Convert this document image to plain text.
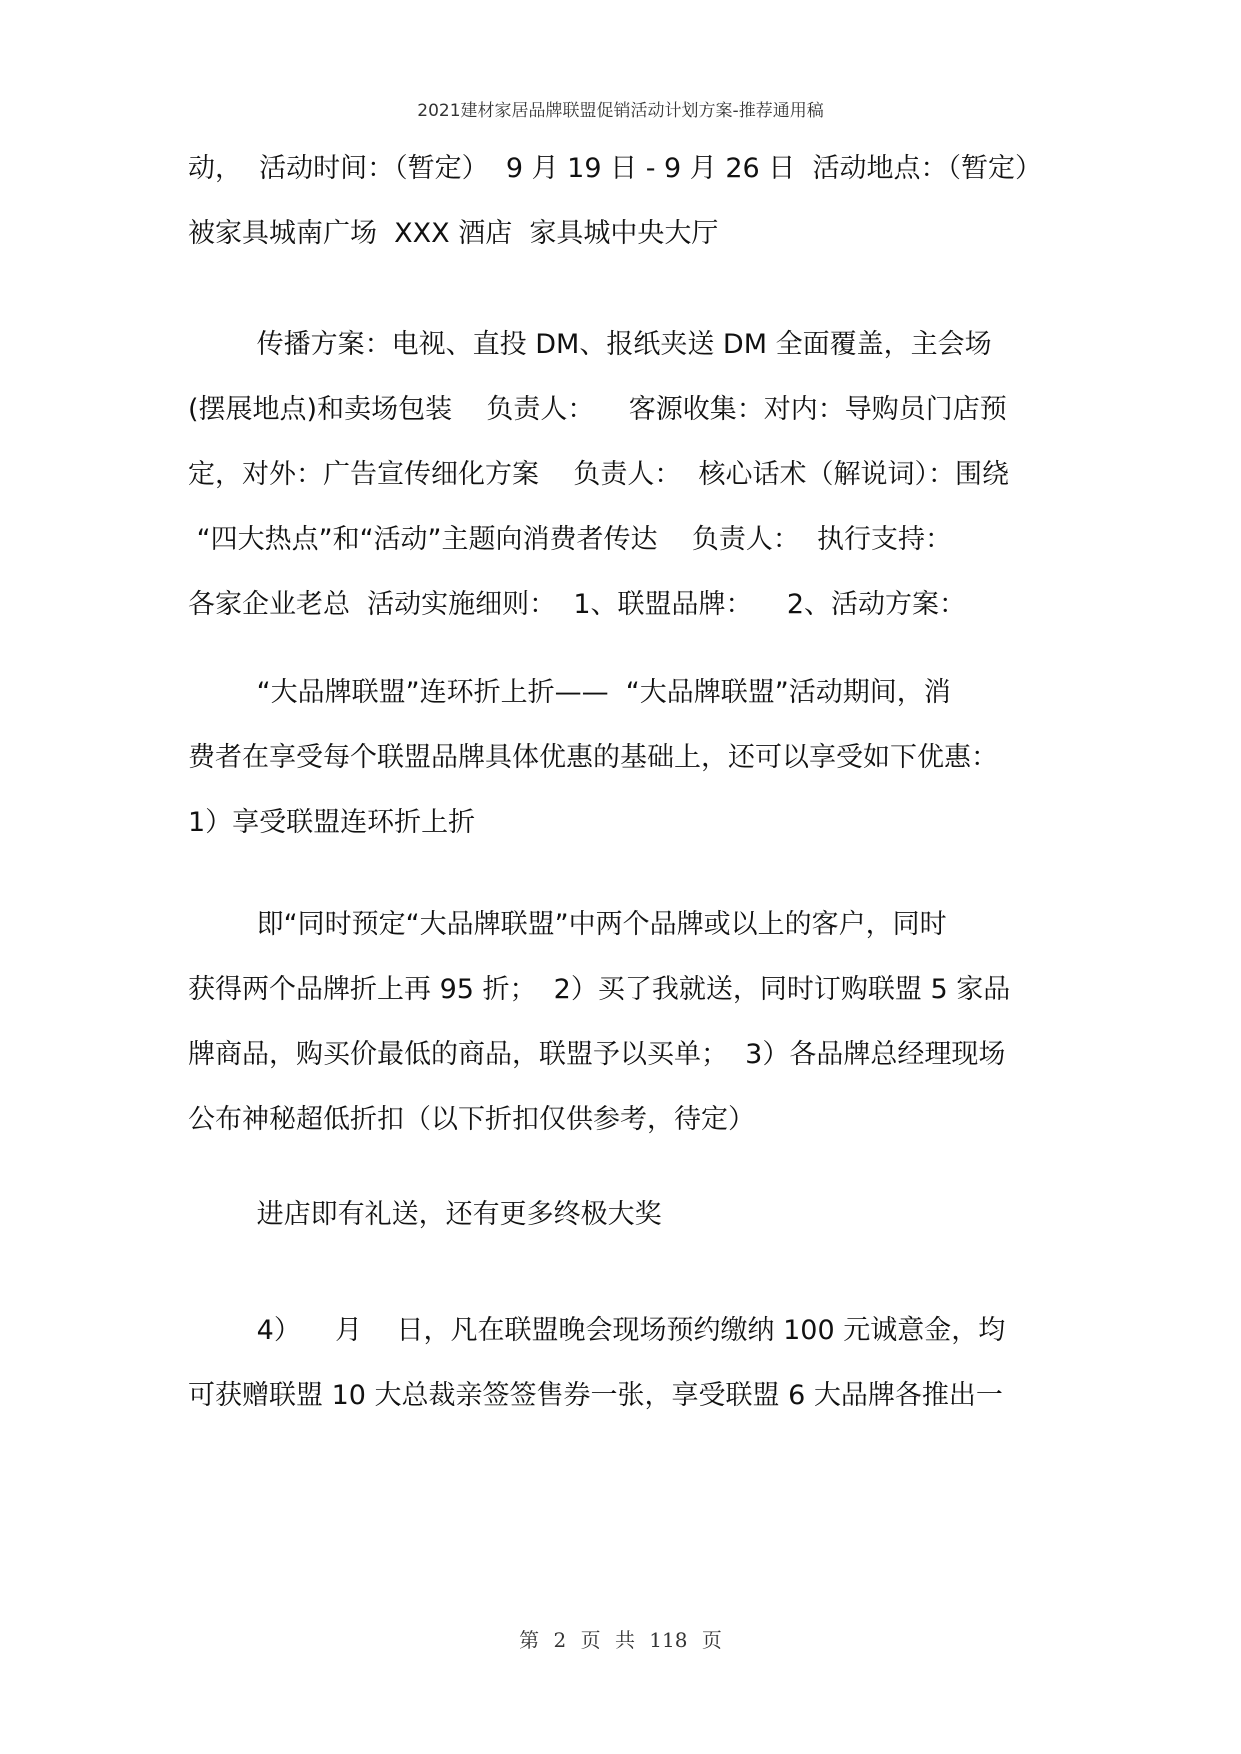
2021建材家居品牌联盟促销活动计划方案-推荐通用稿

动，  活动时间：（暂定）  9 月 19 日 - 9 月 26 日  活动地点：（暂定）
被家具城南广场  XXX 酒店  家具城中央大厅

传播方案：电视、直投 DM、报纸夹送 DM 全面覆盖，主会场
(摆展地点)和卖场包装    负责人：    客源收集：对内：导购员门店预
定，对外：广告宣传细化方案    负责人：  核心话术（解说词）：围绕
“四大热点”和“活动”主题向消费者传达    负责人：  执行支持：
各家企业老总  活动实施细则：  1、联盟品牌：    2、活动方案：

“大品牌联盟”连环折上折——  “大品牌联盟”活动期间，消
费者在享受每个联盟品牌具体优惠的基础上，还可以享受如下优惠：
1）享受联盟连环折上折

即“同时预定“大品牌联盟”中两个品牌或以上的客户，同时
获得两个品牌折上再 95 折；  2）买了我就送，同时订购联盟 5 家品
牌商品，购买价最低的商品，联盟予以买单；  3）各品牌总经理现场
公布神秘超低折扣（以下折扣仅供参考，待定）

进店即有礼送，还有更多终极大奖

4）    月    日，凡在联盟晚会现场预约缴纳 100 元诚意金，均
可获赠联盟 10 大总裁亲签签售券一张，享受联盟 6 大品牌各推出一

第 2 页 共 118 页
